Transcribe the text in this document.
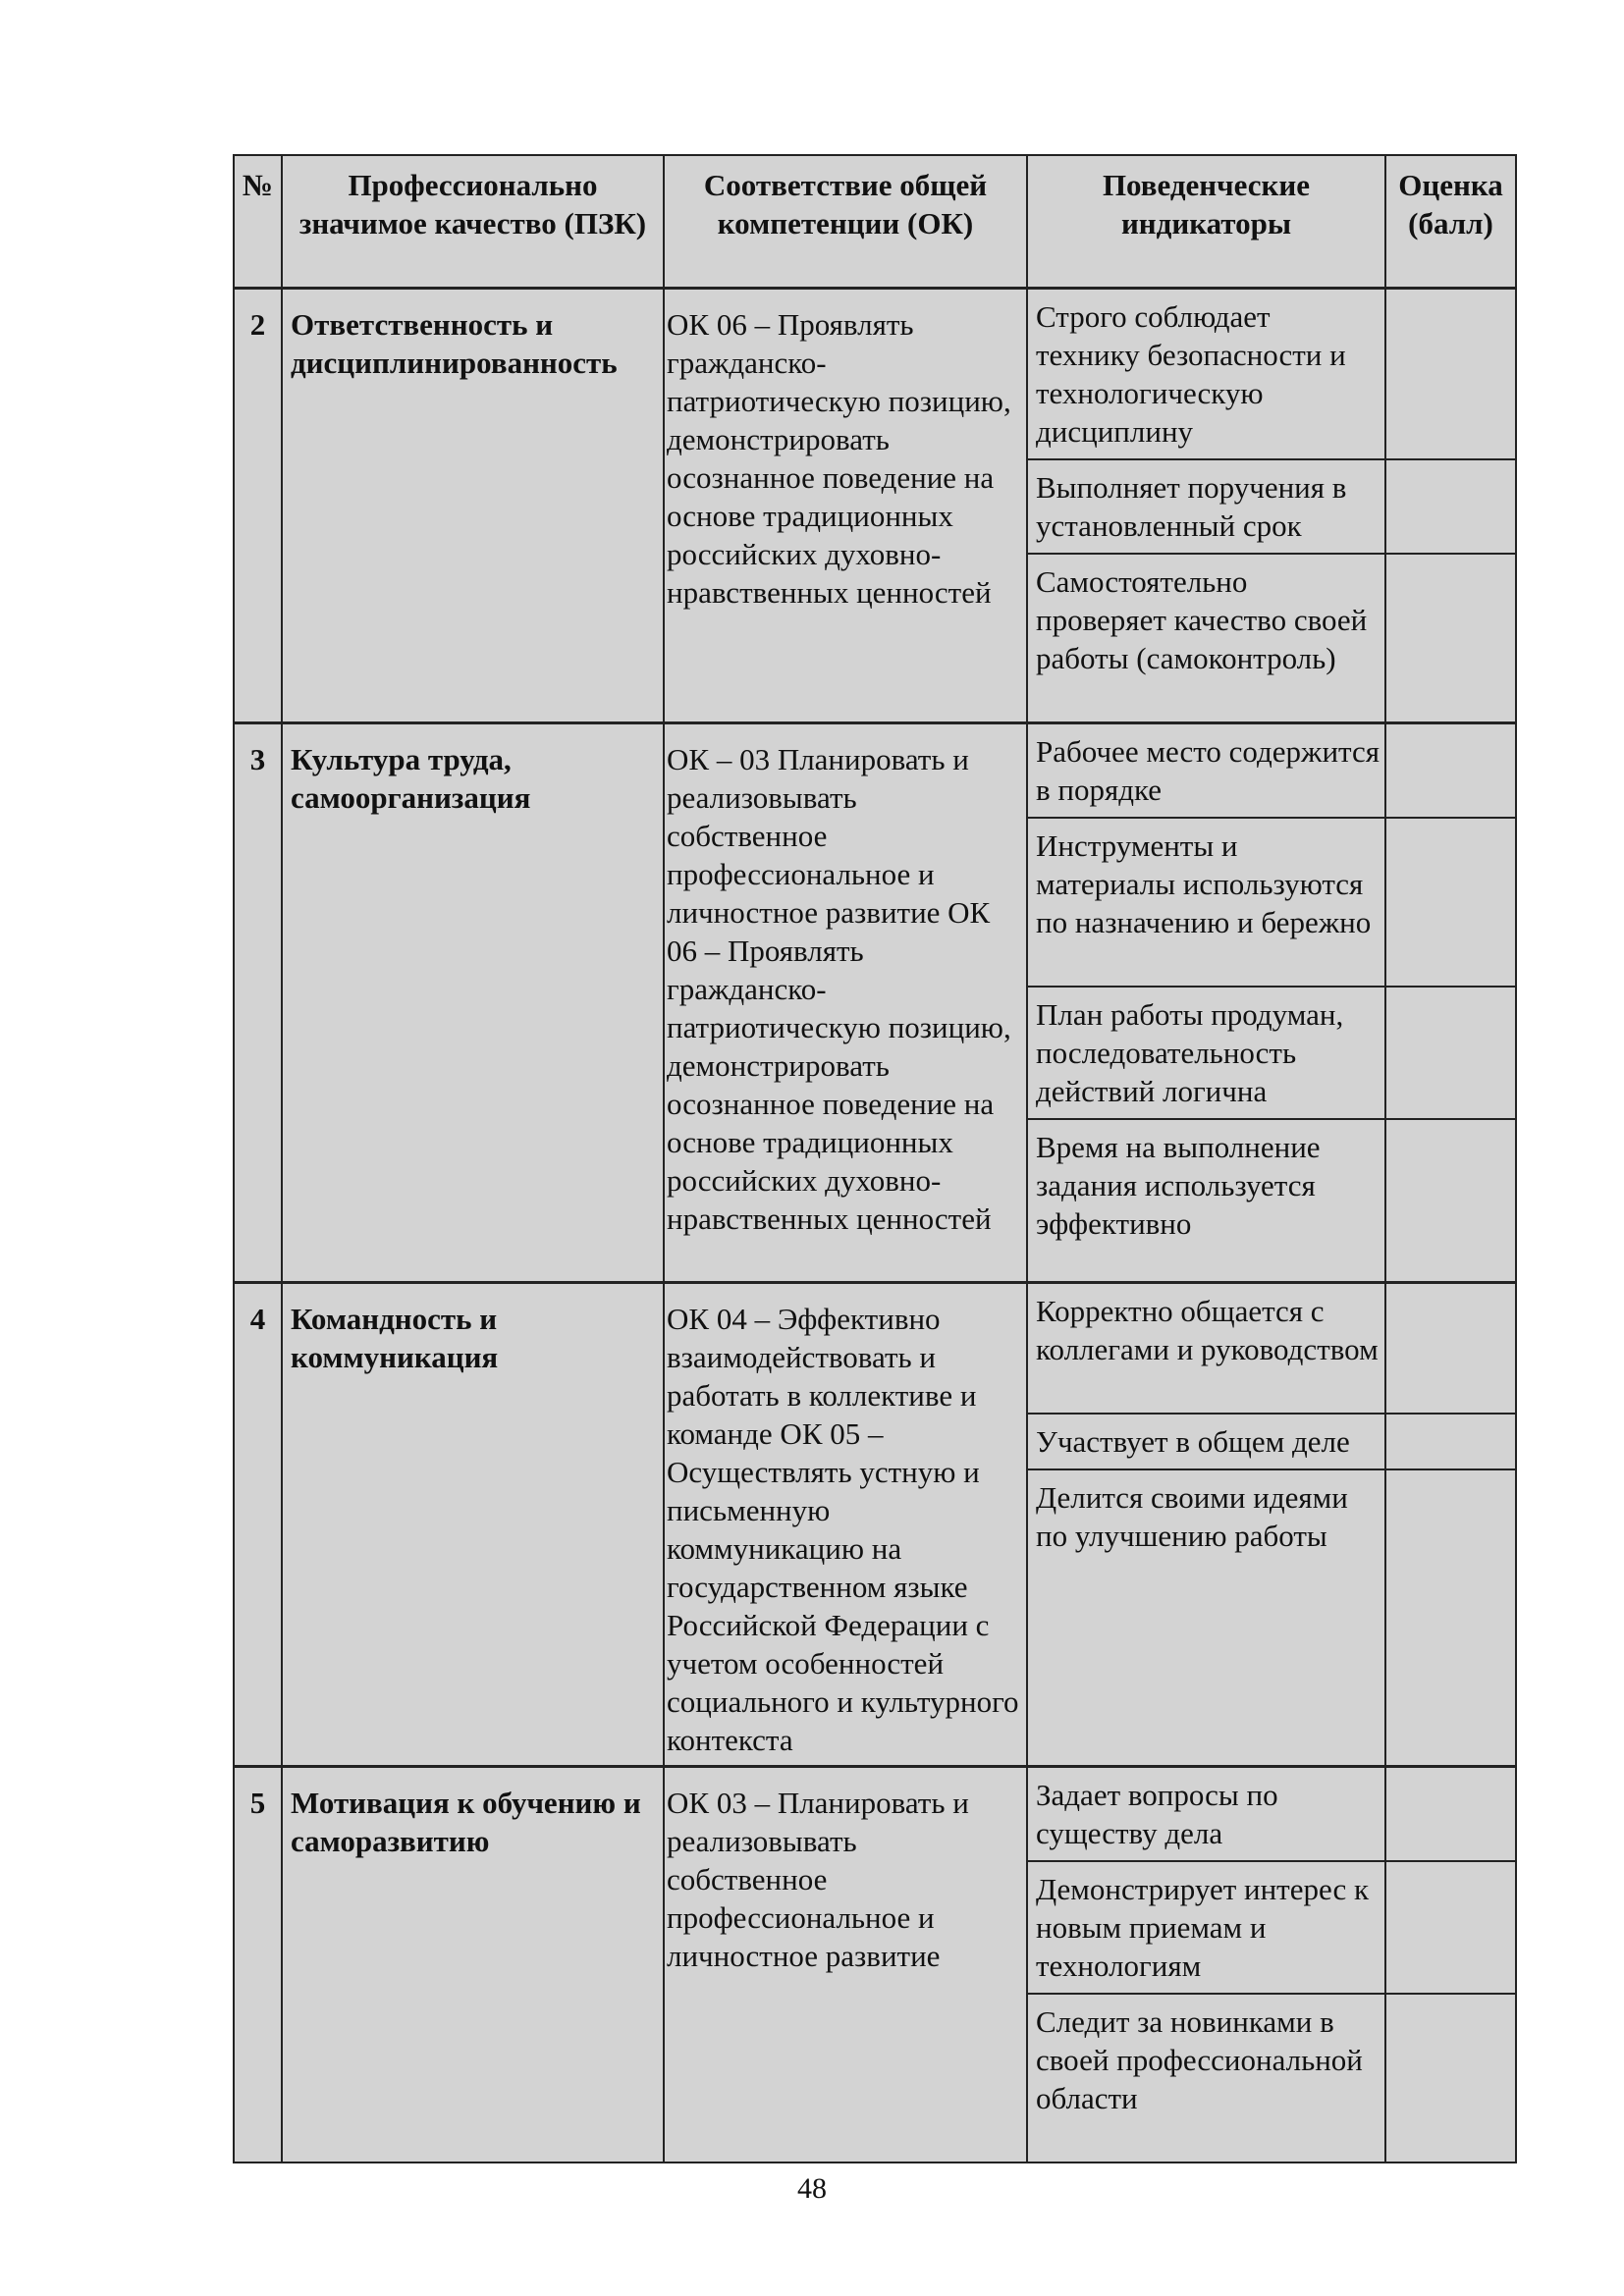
№	Профессионально значимое качество (ПЗК)	Соответствие общей компетенции (ОК)	Поведенческие индикаторы	Оценка (балл)
2	Ответственность и дисциплинированность	ОК 06 – Проявлять гражданско-патриотическую позицию, демонстрировать осознанное поведение на основе традиционных российских духовно-нравственных ценностей	Строго соблюдает технику безопасности и технологическую дисциплину	
			Выполняет поручения в установленный срок	
			Самостоятельно проверяет качество своей работы (самоконтроль)	
3	Культура труда, самоорганизация	ОК – 03 Планировать и реализовывать собственное профессиональное и личностное развитие ОК 06 – Проявлять гражданско-патриотическую позицию, демонстрировать осознанное поведение на основе традиционных российских духовно-нравственных ценностей	Рабочее место содержится в порядке	
			Инструменты и материалы используются по назначению и бережно	
			План работы продуман, последовательность действий логична	
			Время на выполнение задания используется эффективно	
4	Командность и коммуникация	ОК 04 – Эффективно взаимодействовать и работать в коллективе и команде ОК 05 – Осуществлять устную и письменную коммуникацию на государственном языке Российской Федерации с учетом особенностей социального и культурного контекста	Корректно общается с коллегами и руководством	
			Участвует в общем деле	
			Делится своими идеями по улучшению работы	
5	Мотивация к обучению и саморазвитию	ОК 03 – Планировать и реализовывать собственное профессиональное и личностное развитие	Задает вопросы по существу дела	
			Демонстрирует интерес к новым приемам и технологиям	
			Следит за новинками в своей профессиональной области	
48
